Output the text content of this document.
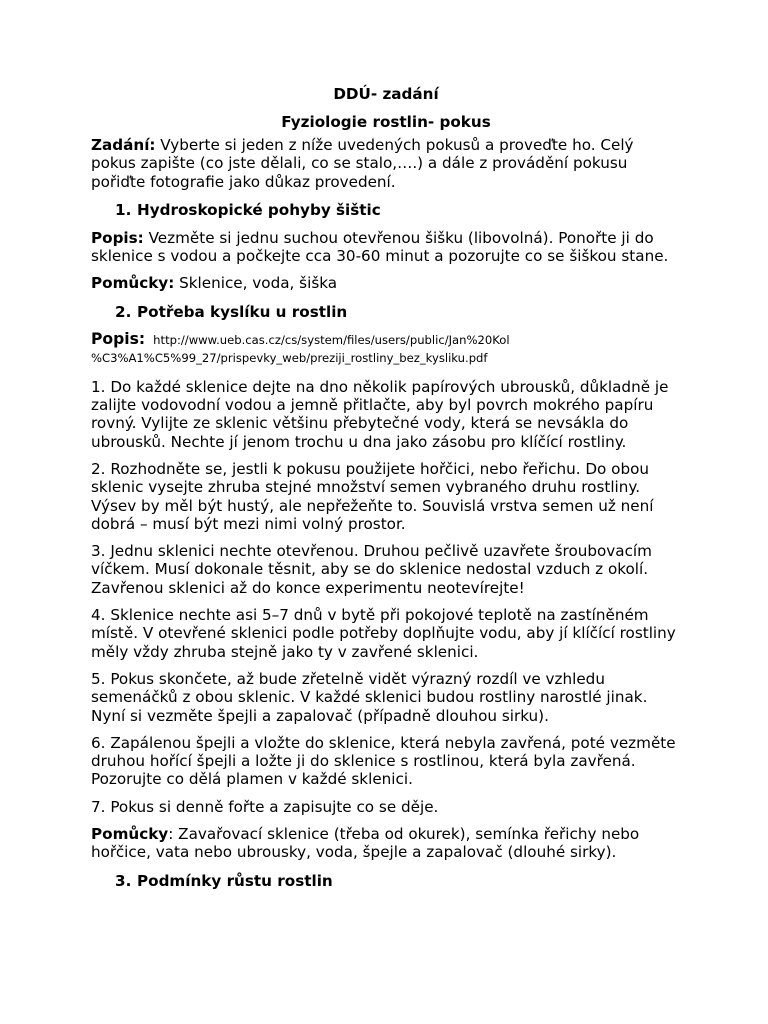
DDÚ- zadání

Fyziologie rostlin- pokus

Zadání: Vyberte si jeden z níže uvedených pokusů a proveďte ho. Celý pokus zapište (co jste dělali, co se stalo,….) a dále z provádění pokusu pořiďte fotografie jako důkaz provedení.

1. Hydroskopické pohyby šištic

Popis: Vezměte si jednu suchou otevřenou šišku (libovolná). Ponořte ji do sklenice s vodou a počkejte cca 30-60 minut a pozorujte co se šiškou stane.

Pomůcky: Sklenice, voda, šiška

2. Potřeba kyslíku u rostlin

Popis: http://www.ueb.cas.cz/cs/system/files/users/public/Jan%20Kol %C3%A1%C5%99_27/prispevky_web/preziji_rostliny_bez_kysliku.pdf

1. Do každé sklenice dejte na dno několik papírových ubrousků, důkladně je zalijte vodovodní vodou a jemně přitlačte, aby byl povrch mokrého papíru rovný. Vylijte ze sklenic většinu přebytečné vody, která se nevsákla do ubrousků. Nechte jí jenom trochu u dna jako zásobu pro klíčící rostliny.

2. Rozhodněte se, jestli k pokusu použijete hořčici, nebo řeřichu. Do obou sklenic vysejte zhruba stejné množství semen vybraného druhu rostliny. Výsev by měl být hustý, ale nepřežeňte to. Souvislá vrstva semen už není dobrá – musí být mezi nimi volný prostor.

3. Jednu sklenici nechte otevřenou. Druhou pečlivě uzavřete šroubovacím víčkem. Musí dokonale těsnit, aby se do sklenice nedostal vzduch z okolí. Zavřenou sklenici až do konce experimentu neotevírejte!

4. Sklenice nechte asi 5–7 dnů v bytě při pokojové teplotě na zastíněném místě. V otevřené sklenici podle potřeby doplňujte vodu, aby jí klíčící rostliny měly vždy zhruba stejně jako ty v zavřené sklenici.

5. Pokus skončete, až bude zřetelně vidět výrazný rozdíl ve vzhledu semenáčků z obou sklenic. V každé sklenici budou rostliny narostlé jinak. Nyní si vezměte špejli a zapalovač (případně dlouhou sirku).

6. Zapálenou špejli a vložte do sklenice, která nebyla zavřená, poté vezměte druhou hořící špejli a ložte ji do sklenice s rostlinou, která byla zavřená. Pozorujte co dělá plamen v každé sklenici.

7. Pokus si denně fořte a zapisujte co se děje.

Pomůcky: Zavařovací sklenice (třeba od okurek), semínka řeřichy nebo hořčice, vata nebo ubrousky, voda, špejle a zapalovač (dlouhé sirky).

3. Podmínky růstu rostlin
